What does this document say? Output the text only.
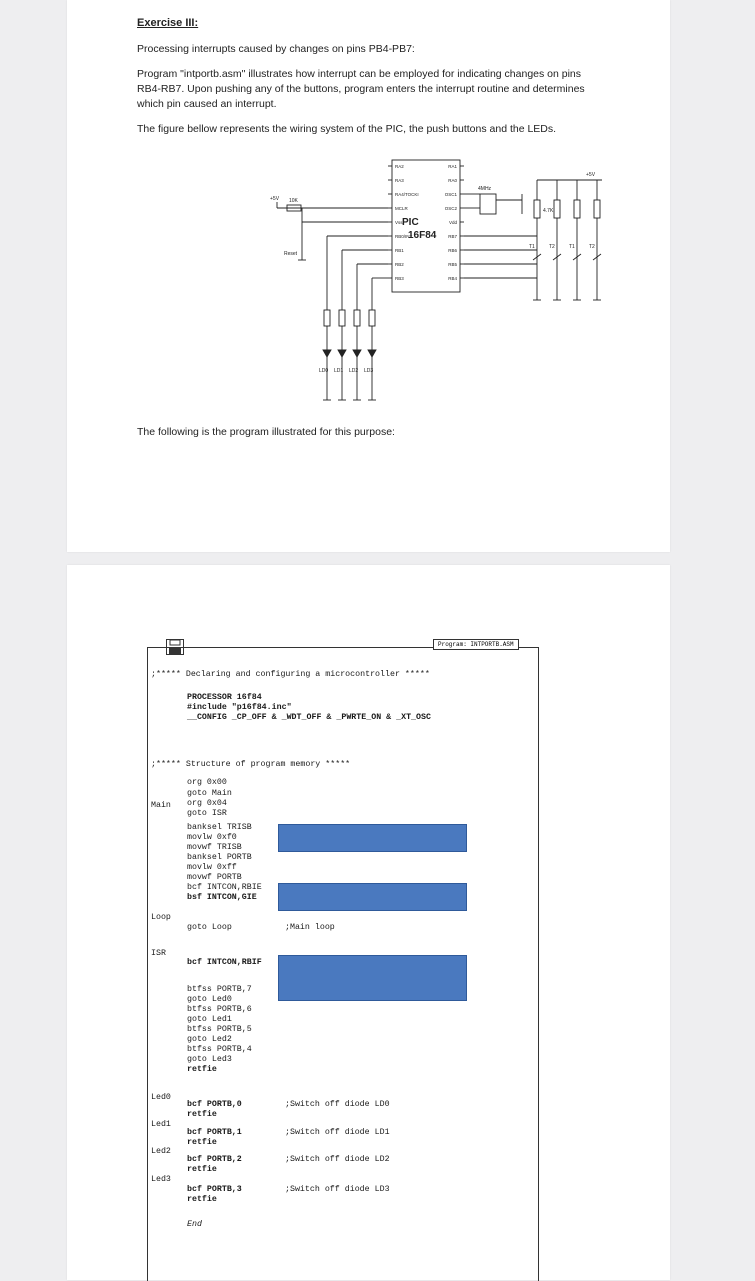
Exercise III:
Processing interrupts caused by changes on pins PB4-PB7:
Program "intportb.asm" illustrates how interrupt can be employed for indicating changes on pins RB4-RB7. Upon pushing any of the buttons, program enters the interrupt routine and determines which pin caused an interrupt.
The figure bellow represents the wiring system of the PIC, the push buttons and the LEDs.
PIC
16F84
4MHz
+5V
+5V
10K
Reset
4.7K
T1	T2	T1	T2
LD0 LD1 LD2 LD3
RA2
RA3
RA4/TOCKI
MCLR
Vss
RB0/INT
RB1
RB2
RB3
RA1
RA0
OSC1
OSC2
Vdd
RB7
RB6
RB5
RB4
The following is the program illustrated for this purpose:
Program: INTPORTB.ASM
;***** Declaring and configuring a microcontroller *****
PROCESSOR 16f84
#include "p16f84.inc"
__CONFIG _CP_OFF & _WDT_OFF & _PWRTE_ON & _XT_OSC
;***** Structure of program memory *****
org 0x00
goto Main
org 0x04
goto ISR
Main
banksel TRISB
movlw 0xf0
movwf TRISB
banksel PORTB
movlw 0xff
movwf PORTB
bcf INTCON,RBIE
bsf INTCON,GIE
Loop
goto Loop	;Main loop
ISR
bcf INTCON,RBIF
btfss PORTB,7
goto Led0
btfss PORTB,6
goto Led1
btfss PORTB,5
goto Led2
btfss PORTB,4
goto Led3
retfie
Led0
bcf PORTB,0	;Switch off diode LD0
retfie
Led1
bcf PORTB,1	;Switch off diode LD1
retfie
Led2
bcf PORTB,2	;Switch off diode LD2
retfie
Led3
bcf PORTB,3	;Switch off diode LD3
retfie
End
